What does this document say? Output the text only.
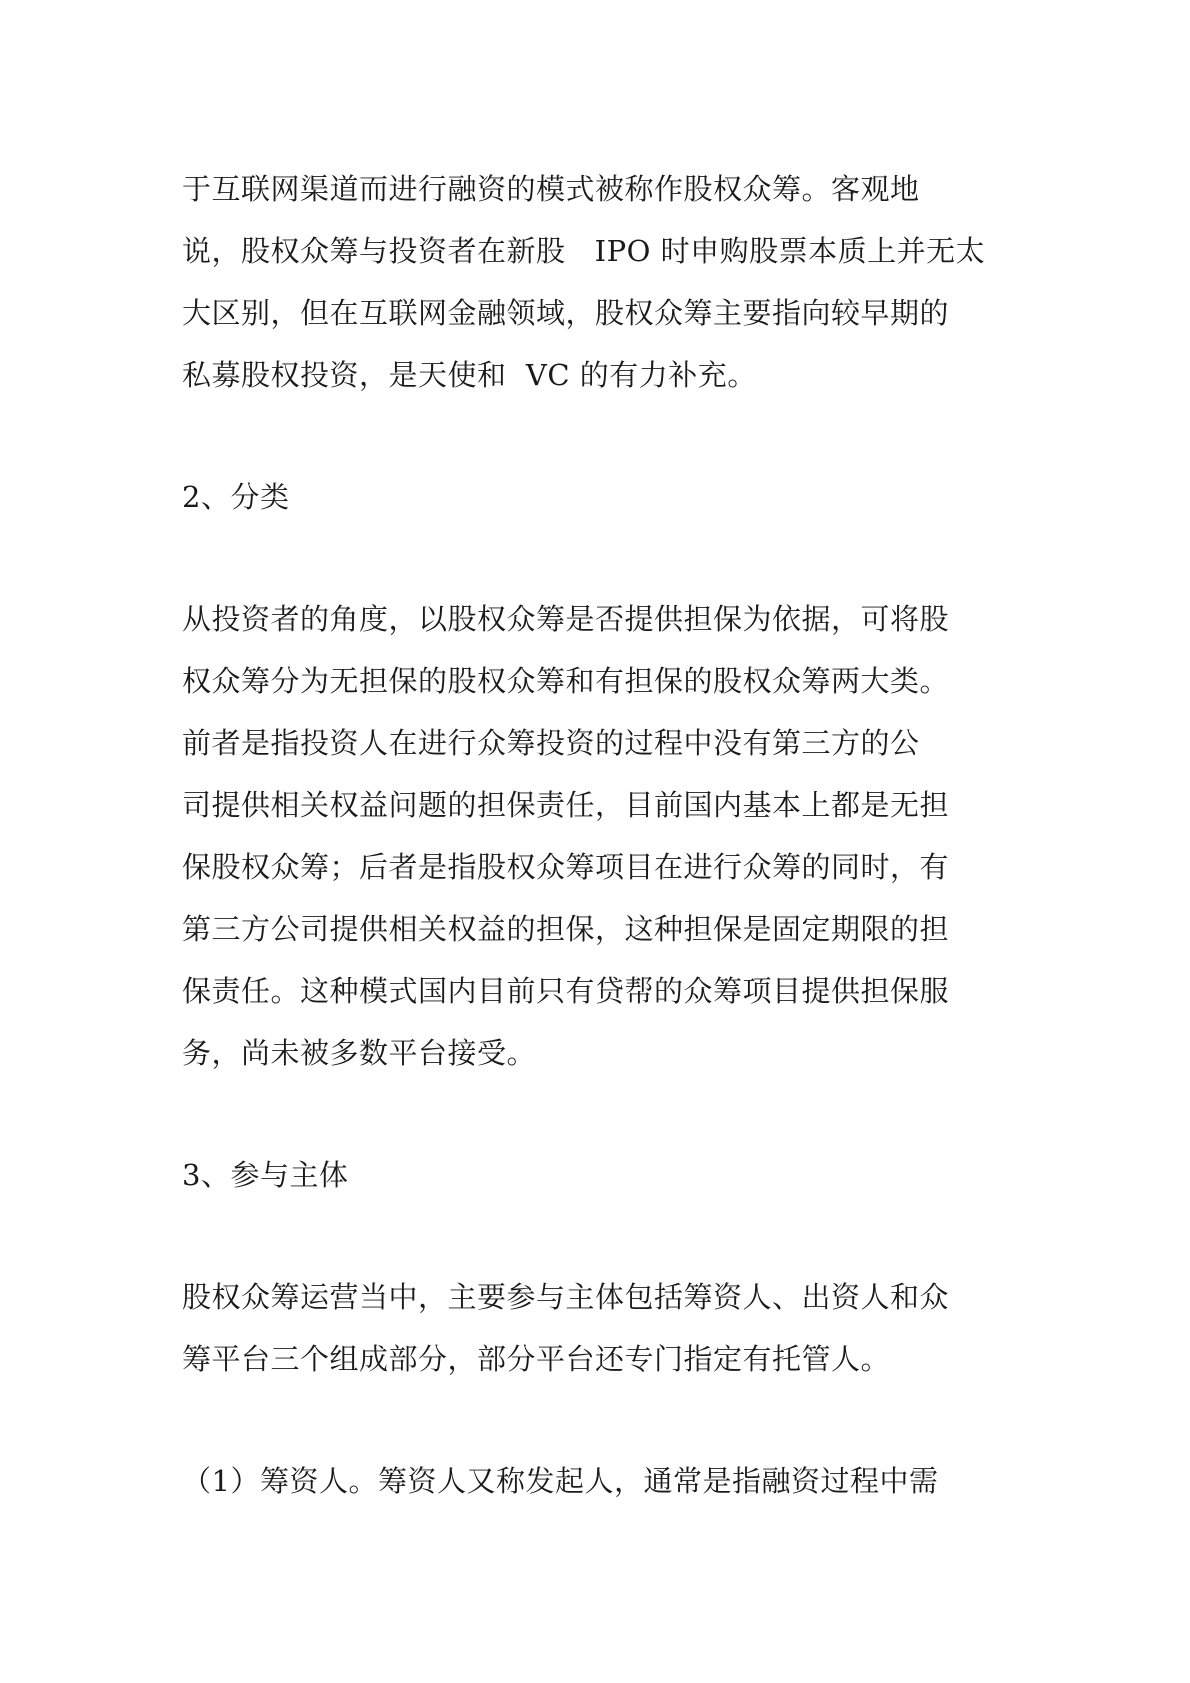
于互联网渠道而进行融资的模式被称作股权众筹。客观地
说，股权众筹与投资者在新股   IPO 时申购股票本质上并无太
大区别，但在互联网金融领域，股权众筹主要指向较早期的
私募股权投资，是天使和  VC 的有力补充。
2、分类
从投资者的角度，以股权众筹是否提供担保为依据，可将股
权众筹分为无担保的股权众筹和有担保的股权众筹两大类。
前者是指投资人在进行众筹投资的过程中没有第三方的公
司提供相关权益问题的担保责任，目前国内基本上都是无担
保股权众筹；后者是指股权众筹项目在进行众筹的同时，有
第三方公司提供相关权益的担保，这种担保是固定期限的担
保责任。这种模式国内目前只有贷帮的众筹项目提供担保服
务，尚未被多数平台接受。
3、参与主体
股权众筹运营当中，主要参与主体包括筹资人、出资人和众
筹平台三个组成部分，部分平台还专门指定有托管人。
（1）筹资人。筹资人又称发起人，通常是指融资过程中需
